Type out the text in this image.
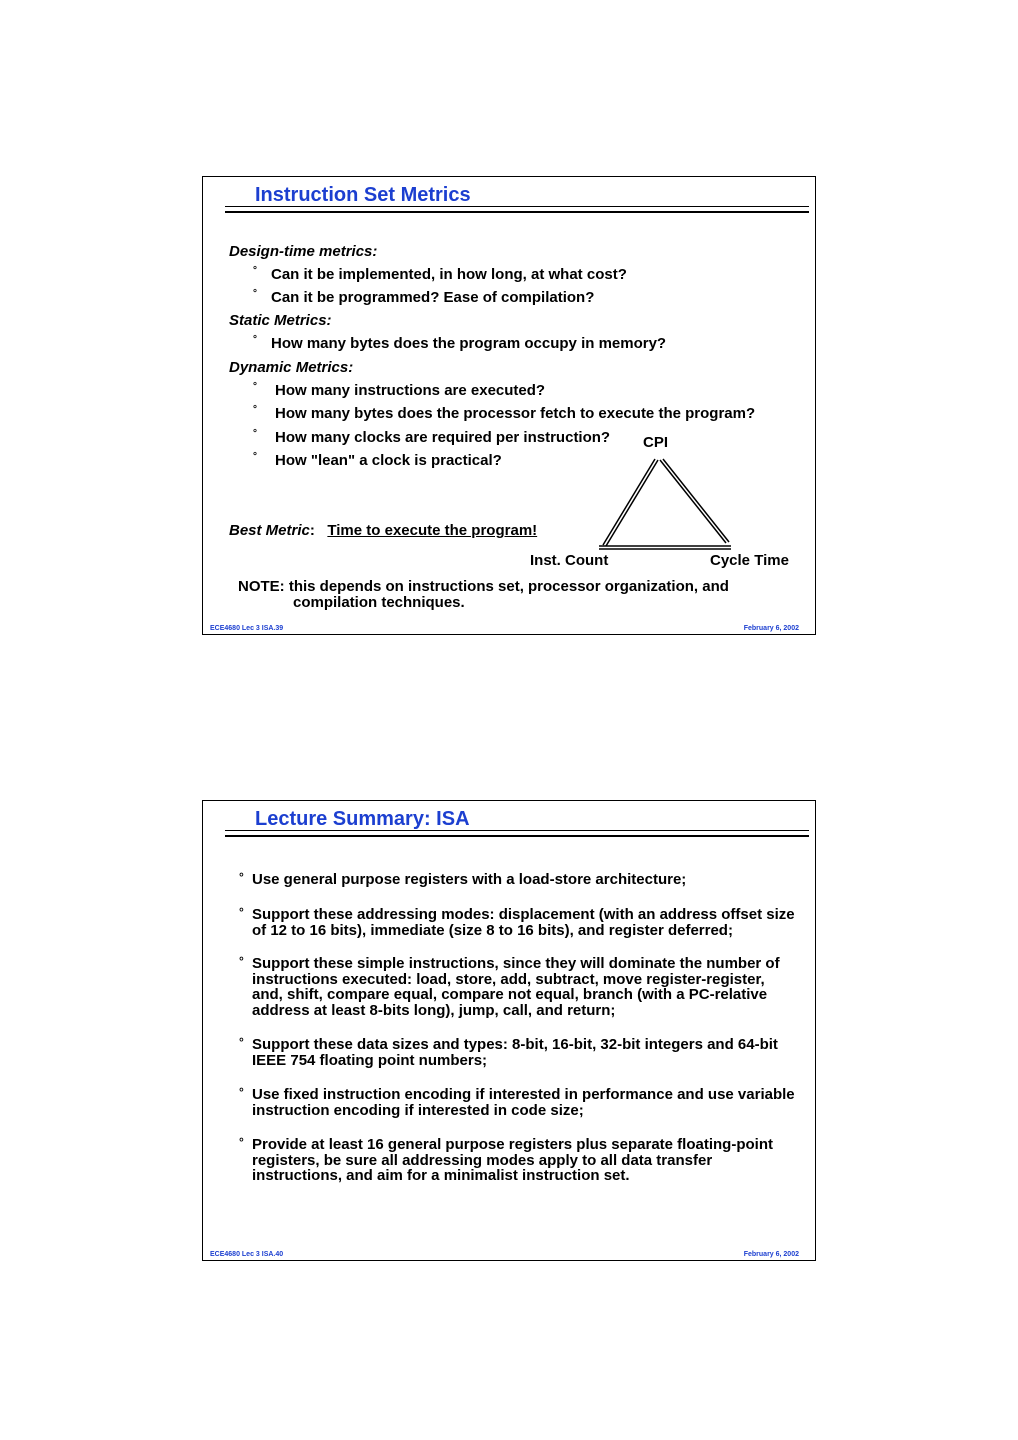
Instruction Set Metrics
Design-time metrics:
° Can it be implemented, in how long, at what cost?
° Can it be programmed? Ease of compilation?
Static Metrics:
° How many bytes does the program occupy in memory?
Dynamic Metrics:
° How many instructions are executed?
° How many bytes does the processor fetch to execute the program?
° How many clocks are required per instruction?
° How "lean" a clock is practical?
CPI
Best Metric: Time to execute the program!
Inst. Count	Cycle Time
NOTE: this depends on instructions set, processor organization, and
compilation techniques.
ECE4680 Lec 3 ISA.39	February 6, 2002
Lecture Summary: ISA
° Use general purpose registers with a load-store architecture;
° Support these addressing modes: displacement (with an address offset size of 12 to 16 bits), immediate (size 8 to 16 bits), and register deferred;
° Support these simple instructions, since they will dominate the number of instructions executed: load, store, add, subtract, move register-register, and, shift, compare equal, compare not equal, branch (with a PC-relative address at least 8-bits long), jump, call, and return;
° Support these data sizes and types: 8-bit, 16-bit, 32-bit integers and 64-bit IEEE 754 floating point numbers;
° Use fixed instruction encoding if interested in performance and use variable instruction encoding if interested in code size;
° Provide at least 16 general purpose registers plus separate floating-point registers, be sure all addressing modes apply to all data transfer instructions, and aim for a minimalist instruction set.
ECE4680 Lec 3 ISA.40	February 6, 2002
